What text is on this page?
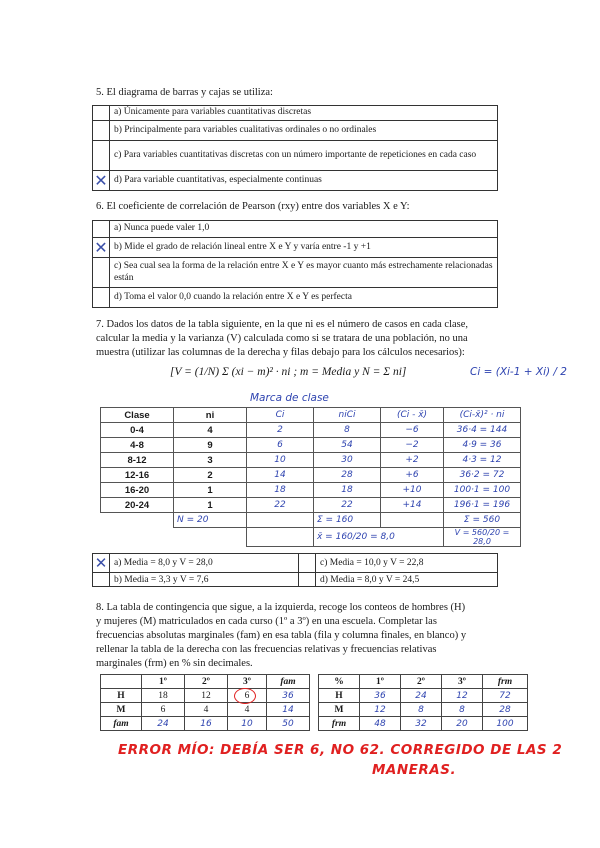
5. El diagrama de barras y cajas se utiliza:
	a) Únicamente para variables cuantitativas discretas
	b) Principalmente para variables cualitativas ordinales o no ordinales
	c) Para variables cuantitativas discretas con un número importante de repeticiones en cada caso
✕	d) Para variable cuantitativas, especialmente continuas
6. El coeficiente de correlación de Pearson (rxy) entre dos variables X e Y:
	a) Nunca puede valer 1,0
✕	b) Mide el grado de relación lineal entre X e Y y varía entre -1 y +1
	c) Sea cual sea la forma de la relación entre X e Y es mayor cuanto más estrechamente relacionadas están
	d) Toma el valor 0,0 cuando la relación entre X e Y es perfecta
7. Dados los datos de la tabla siguiente, en la que ni es el número de casos en cada clase,
calcular la media y la varianza (V) calculada como si se tratara de una población, no una
muestra (utilizar las columnas de la derecha y filas debajo para los cálculos necesarios):
[V = (1/N) Σ (xi − m)² · ni ; m = Media y N = Σ ni]	Ci = (Xi-1 + Xi) / 2
Marca de clase
Clase	ni	Ci	niCi	(Ci - x̄)	(Ci-x̄)² · ni
0-4	4	2	8	−6	36·4 = 144
4-8	9	6	54	−2	4·9 = 36
8-12	3	10	30	+2	4·3 = 12
12-16	2	14	28	+6	36·2 = 72
16-20	1	18	18	+10	100·1 = 100
20-24	1	22	22	+14	196·1 = 196
	N = 20		Σ = 160		Σ = 560
			x̄ = 160/20 = 8,0		V = 560/20 = 28,0
✕	a) Media = 8,0 y V = 28,0		c) Media = 10,0 y V = 22,8
	b) Media = 3,3 y V = 7,6		d) Media = 8,0 y V = 24,5
8. La tabla de contingencia que sigue, a la izquierda, recoge los conteos de hombres (H)
y mujeres (M) matriculados en cada curso (1º a 3º) en una escuela. Completar las
frecuencias absolutas marginales (fam) en esa tabla (fila y columna finales, en blanco) y
rellenar la tabla de la derecha con las frecuencias relativas y frecuencias relativas
marginales (frm) en % sin decimales.
	1º	2º	3º	fam
H	18	12	6	36
M	6	4	4	14
fam	24	16	10	50
%	1º	2º	3º	frm
H	36	24	12	72
M	12	8	8	28
frm	48	32	20	100
ERROR MÍO: DEBÍA SER 6, NO 62. CORREGIDO DE LAS 2
MANERAS.
